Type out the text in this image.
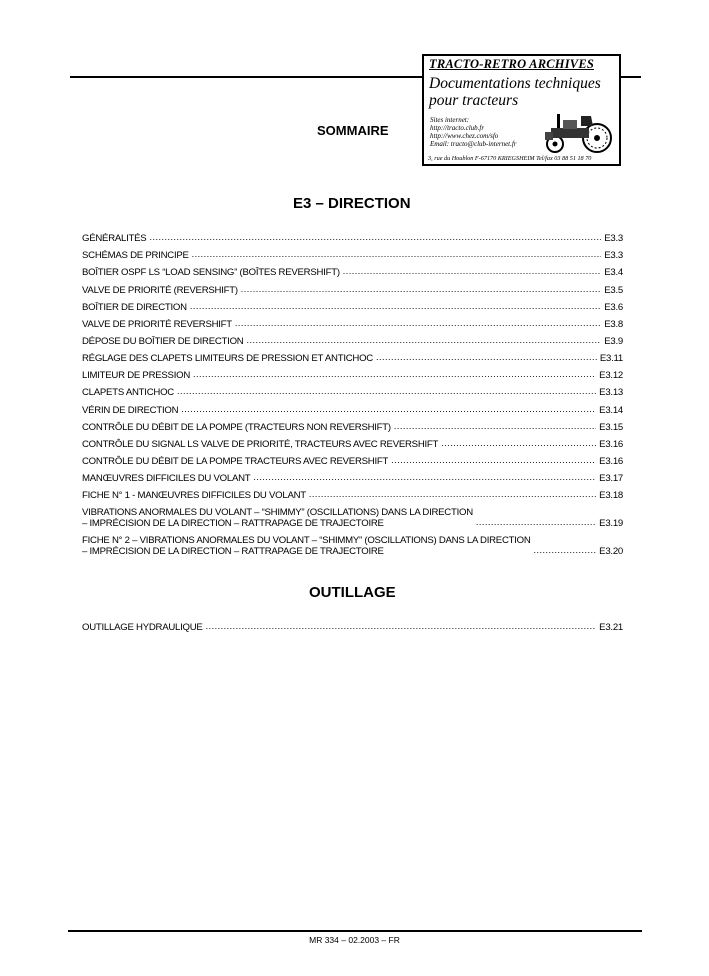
TRACTO-RETRO ARCHIVES
Documentations techniques
pour tracteurs
Sites internet:
http://tracto.club.fr
http://www.chez.com/sfo
Email: tracto@club-internet.fr
3, rue du Houblon F-67170 KRIEGSHEIM Tel/fax 03 88 51 18 70
SOMMAIRE
E3 – DIRECTION
GÉNÉRALITÉS .....	E3.3
SCHÉMAS DE PRINCIPE .....	E3.3
BOÎTIER OSPF LS “LOAD SENSING” (BOÎTES REVERSHIFT) .....	E3.4
VALVE DE PRIORITÉ (REVERSHIFT) .....	E3.5
BOÎTIER DE DIRECTION .....	E3.6
VALVE DE PRIORITÉ REVERSHIFT .....	E3.8
DÉPOSE DU BOÎTIER DE DIRECTION .....	E3.9
RÉGLAGE DES CLAPETS LIMITEURS DE PRESSION ET ANTICHOC .....	E3.11
LIMITEUR DE PRESSION .....	E3.12
CLAPETS ANTICHOC .....	E3.13
VÉRIN DE DIRECTION .....	E3.14
CONTRÔLE DU DÉBIT DE LA POMPE (TRACTEURS NON REVERSHIFT) .....	E3.15
CONTRÔLE DU SIGNAL LS VALVE DE PRIORITÉ, TRACTEURS AVEC REVERSHIFT .....	E3.16
CONTRÔLE DU DÉBIT DE LA POMPE TRACTEURS AVEC REVERSHIFT .....	E3.16
MANŒUVRES DIFFICILES DU VOLANT .....	E3.17
FICHE N° 1 - MANŒUVRES DIFFICILES DU VOLANT .....	E3.18
VIBRATIONS ANORMALES DU VOLANT – “SHIMMY” (OSCILLATIONS) DANS LA DIRECTION
– IMPRÉCISION DE LA DIRECTION – RATTRAPAGE DE TRAJECTOIRE .....	E3.19
FICHE N° 2 – VIBRATIONS ANORMALES DU VOLANT – “SHIMMY” (OSCILLATIONS) DANS LA DIRECTION
– IMPRÉCISION DE LA DIRECTION – RATTRAPAGE DE TRAJECTOIRE .....	E3.20
OUTILLAGE
OUTILLAGE HYDRAULIQUE .....	E3.21
MR 334 – 02.2003 – FR
